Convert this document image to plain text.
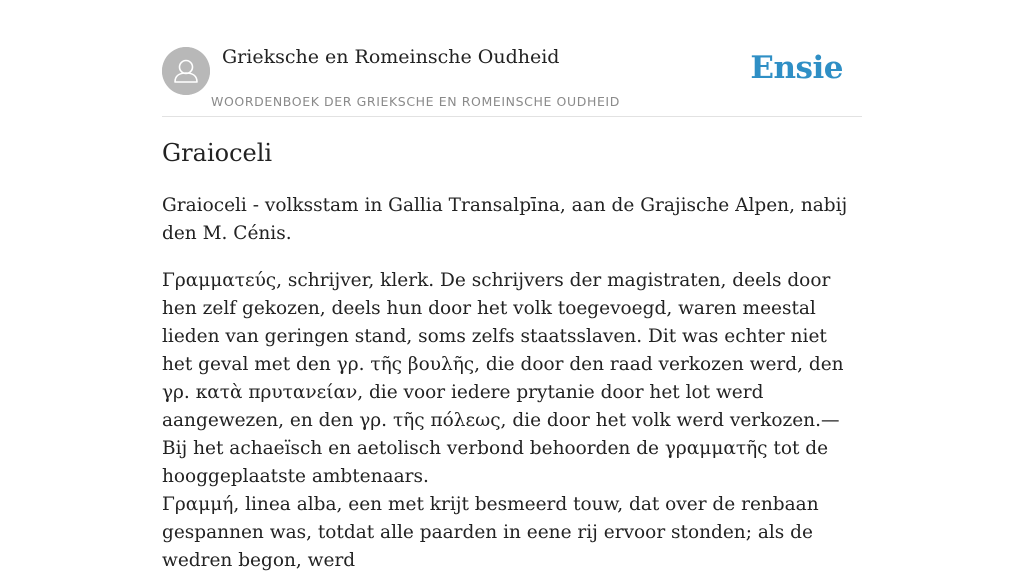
Grieksche en Romeinsche Oudheid
WOORDENBOEK DER GRIEKSCHE EN ROMEINSCHE OUDHEID
Ensie
Graioceli

Graioceli - volksstam in Gallia Transalpīna, aan de Grajische Alpen, nabij den M. Cénis.

Γραμματεύς, schrijver, klerk. De schrijvers der magistraten, deels door hen zelf gekozen, deels hun door het volk toegevoegd, waren meestal lieden van geringen stand, soms zelfs staatsslaven. Dit was echter niet het geval met den γρ. τῆς βουλῆς, die door den raad verkozen werd, den γρ. κατὰ πρυτανείαν, die voor iedere prytanie door het lot werd aangewezen, en den γρ. τῆς πόλεως, die door het volk werd verkozen.—Bij het achaeïsch en aetolisch verbond behoorden de γραμματῆς tot de hooggeplaatste ambtenaars.

Γραμμή, linea alba, een met krijt besmeerd touw, dat over de renbaan gespannen was, totdat alle paarden in eene rij ervoor stonden; als de wedren begon, werd
